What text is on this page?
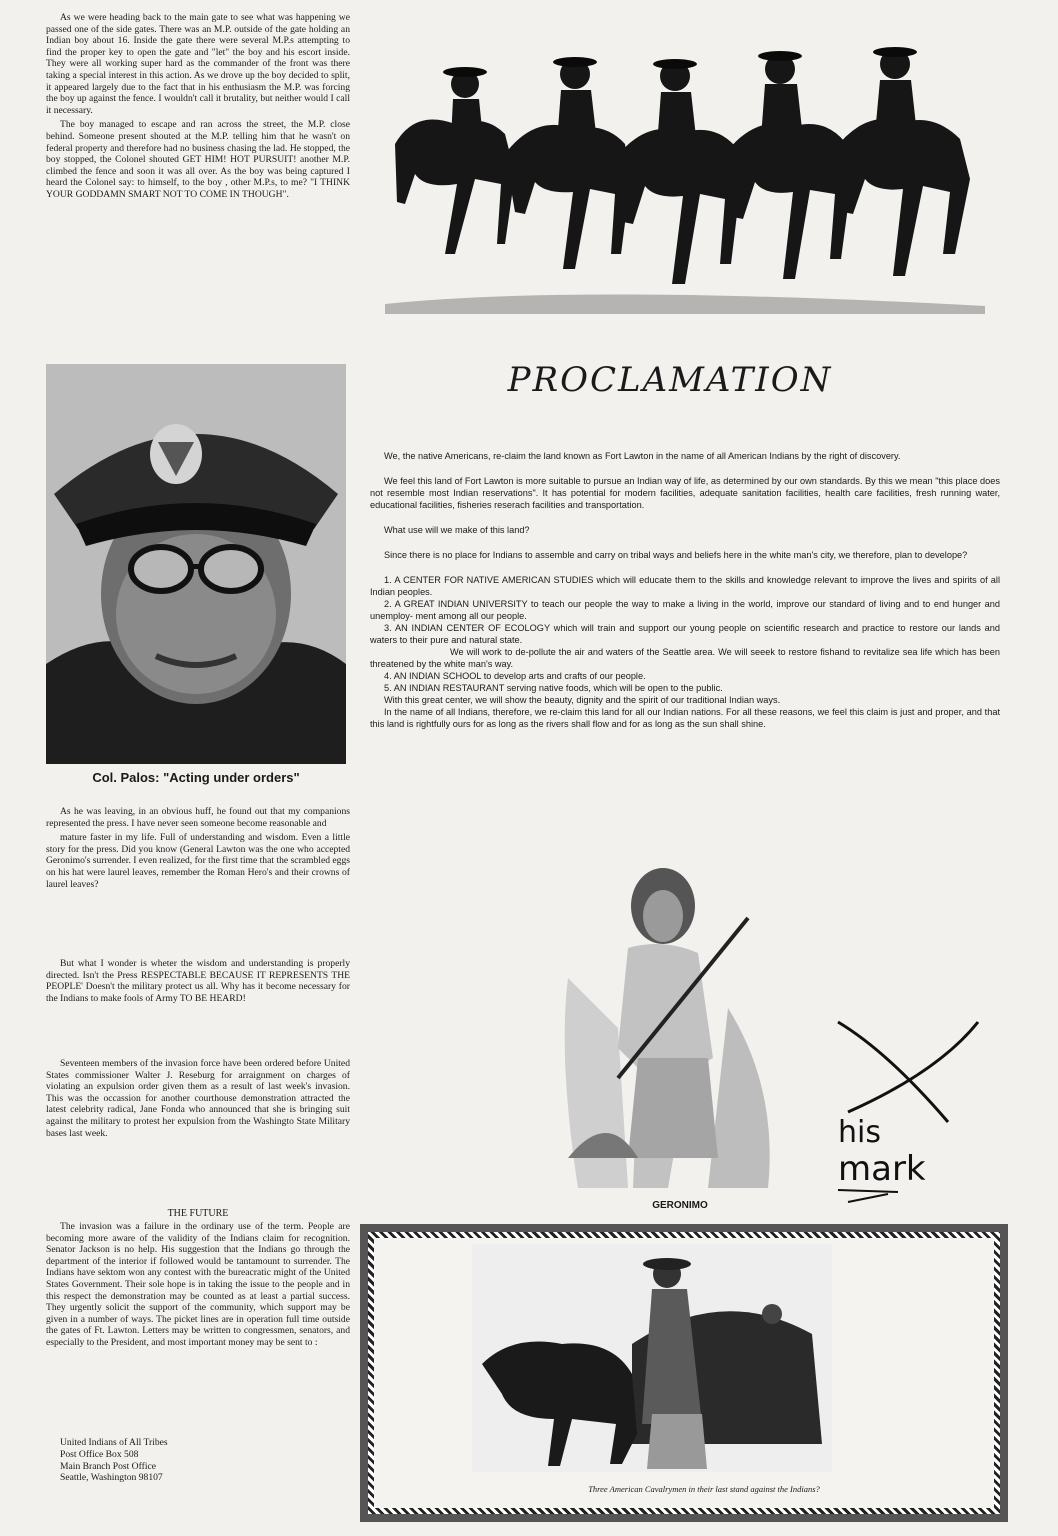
As we were heading back to the main gate to see what was happening we passed one of the side gates. There was an M.P. outside of the gate holding an Indian boy about 16. Inside the gate there were several M.P.s attempting to find the proper key to open the gate and "let" the boy and his escort inside. They were all working super hard as the commander of the front was there taking a special interest in this action. As we drove up the boy decided to split, it appeared largely due to the fact that in his enthusiasm the M.P. was forcing the boy up against the fence. I wouldn't call it brutality, but neither would I call it necessary.

The boy managed to escape and ran across the street, the M.P. close behind. Someone present shouted at the M.P. telling him that he wasn't on federal property and therefore had no business chasing the lad. He stopped, the boy stopped, the Colonel shouted GET HIM! HOT PURSUIT! another M.P. climbed the fence and soon it was all over. As the boy was being captured I heard the Colonel say: to himself, to the boy , other M.P.s, to me? "I THINK YOUR GODDAMN SMART NOT TO COME IN THOUGH".

Col. Palos: "Acting under orders"

As he was leaving, in an obvious huff, he found out that my companions represented the press. I have never seen someone become reasonable and

mature faster in my life. Full of understanding and wisdom. Even a little story for the press. Did you know (General Lawton was the one who accepted Geronimo's surrender. I even realized, for the first time that the scrambled eggs on his hat were laurel leaves, remember the Roman Hero's and their crowns of laurel leaves?

But what I wonder is wheter the wisdom and understanding is properly directed. Isn't the Press RESPECTABLE BECAUSE IT REPRESENTS THE PEOPLE' Doesn't the military protect us all. Why has it become necessary for the Indians to make fools of Army TO BE HEARD!

Seventeen members of the invasion force have been ordered before United States commissioner Walter J. Reseburg for arraignment on charges of violating an expulsion order given them as a result of last week's invasion. This was the occassion for another courthouse demonstration attracted the latest celebrity radical, Jane Fonda who announced that she is bringing suit against the military to protest her expulsion from the Washingto State Military bases last week.

THE FUTURE

The invasion was a failure in the ordinary use of the term. People are becoming more aware of the validity of the Indians claim for recognition. Senator Jackson is no help. His suggestion that the Indians go through the department of the interior if followed would be tantamount to surrender. The Indians have sektom won any contest with the bureacratic might of the United States Government. Their sole hope is in taking the issue to the people and in this respect the demonstration may be counted as at least a partial success. They urgently solicit the support of the community, which support may be given in a number of ways. The picket lines are in operation full time outside the gates of Ft. Lawton. Letters may be written to congressmen, senators, and especially to the President, and most important money may be sent to :

United Indians of All Tribes
Post Office Box 508
Main Branch Post Office
Seattle, Washington 98107
PROCLAMATION

We, the native Americans, re-claim the land known as Fort Lawton in the name of all American Indians by the right of discovery.

We feel this land of Fort Lawton is more suitable to pursue an Indian way of life, as determined by our own standards. By this we mean "this place does not resemble most Indian reservations". It has potential for modern facilities, adequate sanitation facilities, health care facilities, fresh running water, educational facilities, fisheries reserach facilities and transportation.

What use will we make of this land?

Since there is no place for Indians to assemble and carry on tribal ways and beliefs here in the white man's city, we therefore, plan to develope?

1. A CENTER FOR NATIVE AMERICAN STUDIES which will educate them to the skills and knowledge relevant to improve the lives and spirits of all Indian peoples.
2. A GREAT INDIAN UNIVERSITY to teach our people the way to make a living in the world, improve our standard of living and to end hunger and unemploy- ment among all our people.
3. AN INDIAN CENTER OF ECOLOGY which will train and support our young people on scientific research and practice to restore our lands and waters to their pure and natural state.
We will work to de-pollute the air and waters of the Seattle area. We will seeek to restore fishand to revitalize sea life which has been threatened by the white man's way.
4. AN INDIAN SCHOOL to develop arts and crafts of our people.
5. AN INDIAN RESTAURANT serving native foods, which will be open to the public.
With this great center, we will show the beauty, dignity and the spirit of our traditional Indian ways.
In the name of all Indians, therefore, we re-claim this land for all our Indian nations. For all these reasons, we feel this claim is just and proper, and that this land is rightfully ours for as long as the rivers shall flow and for as long as the sun shall shine.
GERONIMO
his
mark
Three American Cavalrymen in their last stand against the Indians?
